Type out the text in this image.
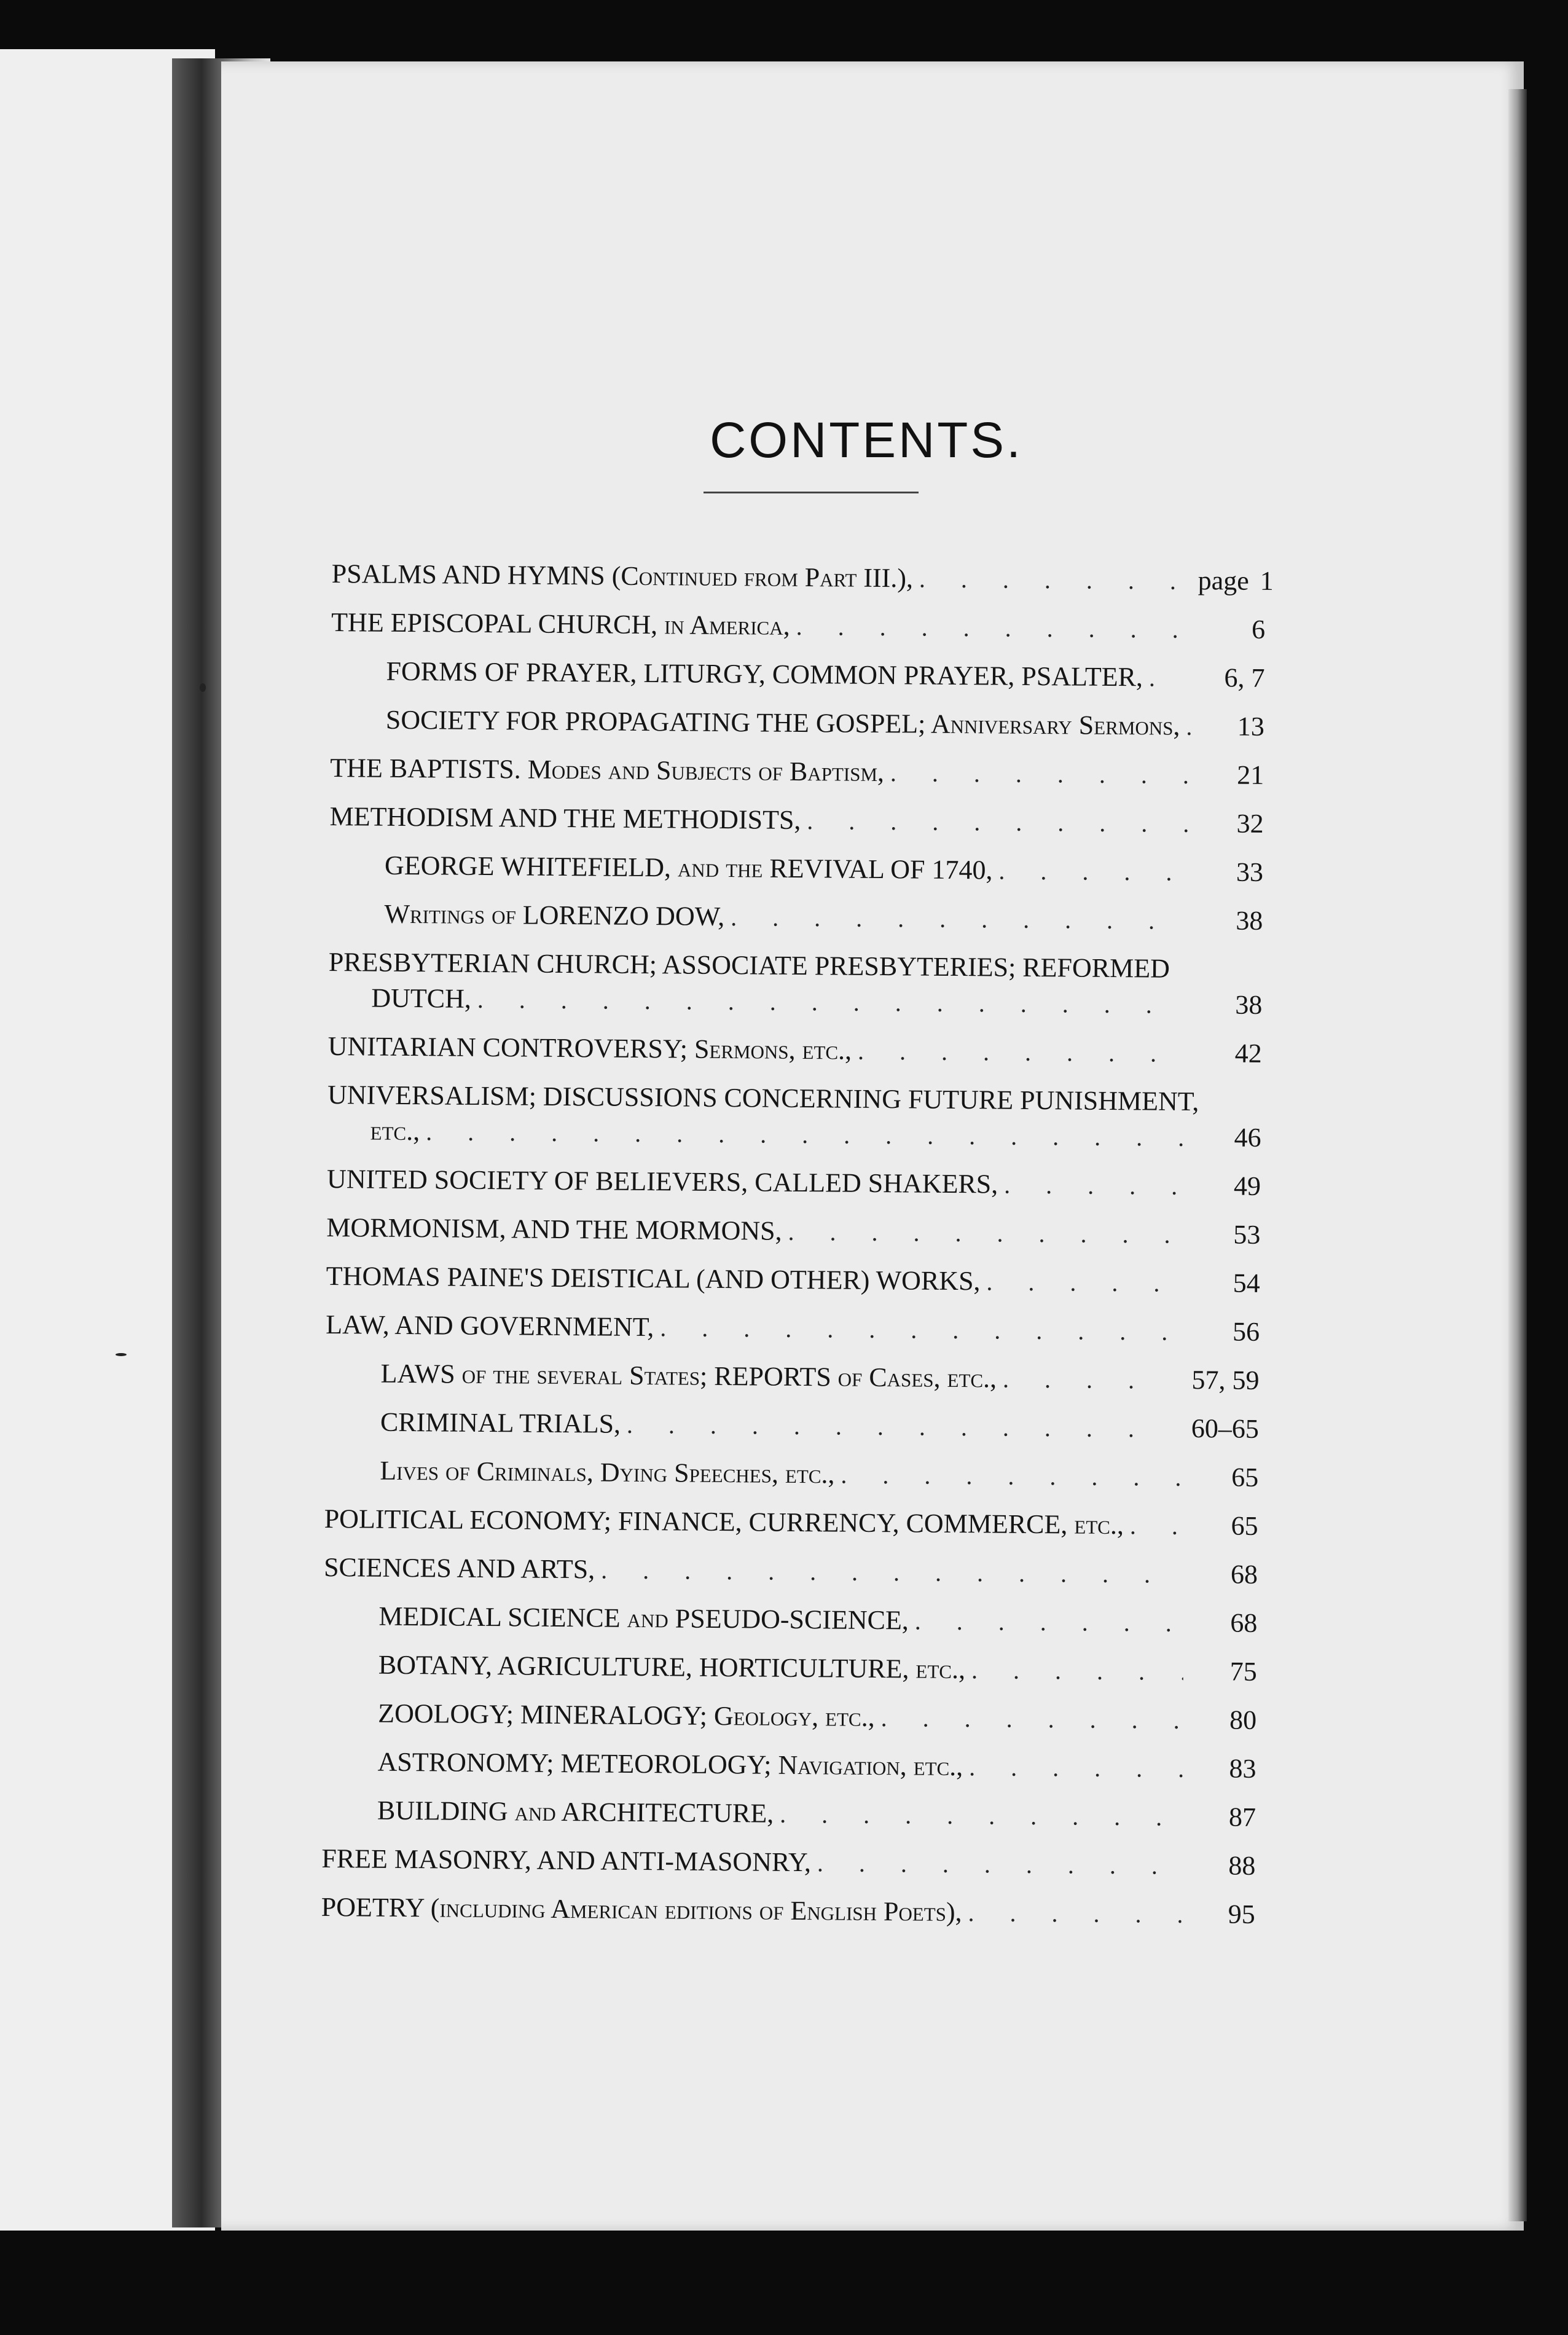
CONTENTS.
PSALMS AND HYMNS (Continued from Part III.), . . .	page 1
THE EPISCOPAL CHURCH, in America, . . .	6
FORMS OF PRAYER, LITURGY, COMMON PRAYER, PSALTER, . . .	6, 7
SOCIETY FOR PROPAGATING THE GOSPEL; Anniversary Sermons, . . .	13
THE BAPTISTS. Modes and Subjects of Baptism, . . .	21
METHODISM AND THE METHODISTS, . . .	32
GEORGE WHITEFIELD, and the REVIVAL OF 1740, . . .	33
Writings of LORENZO DOW, . . .	38
PRESBYTERIAN CHURCH; ASSOCIATE PRESBYTERIES; REFORMED
DUTCH, . . .	38
UNITARIAN CONTROVERSY; Sermons, etc., . . .	42
UNIVERSALISM; DISCUSSIONS CONCERNING FUTURE PUNISHMENT,
etc., . . .	46
UNITED SOCIETY OF BELIEVERS, CALLED SHAKERS, . . .	49
MORMONISM, AND THE MORMONS, . . .	53
THOMAS PAINE'S DEISTICAL (AND OTHER) WORKS, . . .	54
LAW, AND GOVERNMENT, . . .	56
LAWS of the several States; REPORTS of Cases, etc., . . .	57, 59
CRIMINAL TRIALS, . . .	60–65
Lives of Criminals, Dying Speeches, etc., . . .	65
POLITICAL ECONOMY; FINANCE, CURRENCY, COMMERCE, etc., . . .	65
SCIENCES AND ARTS, . . .	68
MEDICAL SCIENCE and PSEUDO-SCIENCE, . . .	68
BOTANY, AGRICULTURE, HORTICULTURE, etc., . . .	75
ZOOLOGY; MINERALOGY; Geology, etc., . . .	80
ASTRONOMY; METEOROLOGY; Navigation, etc., . . .	83
BUILDING and ARCHITECTURE, . . .	87
FREE MASONRY, AND ANTI-MASONRY, . . .	88
POETRY (including American editions of English Poets), . . .	95
